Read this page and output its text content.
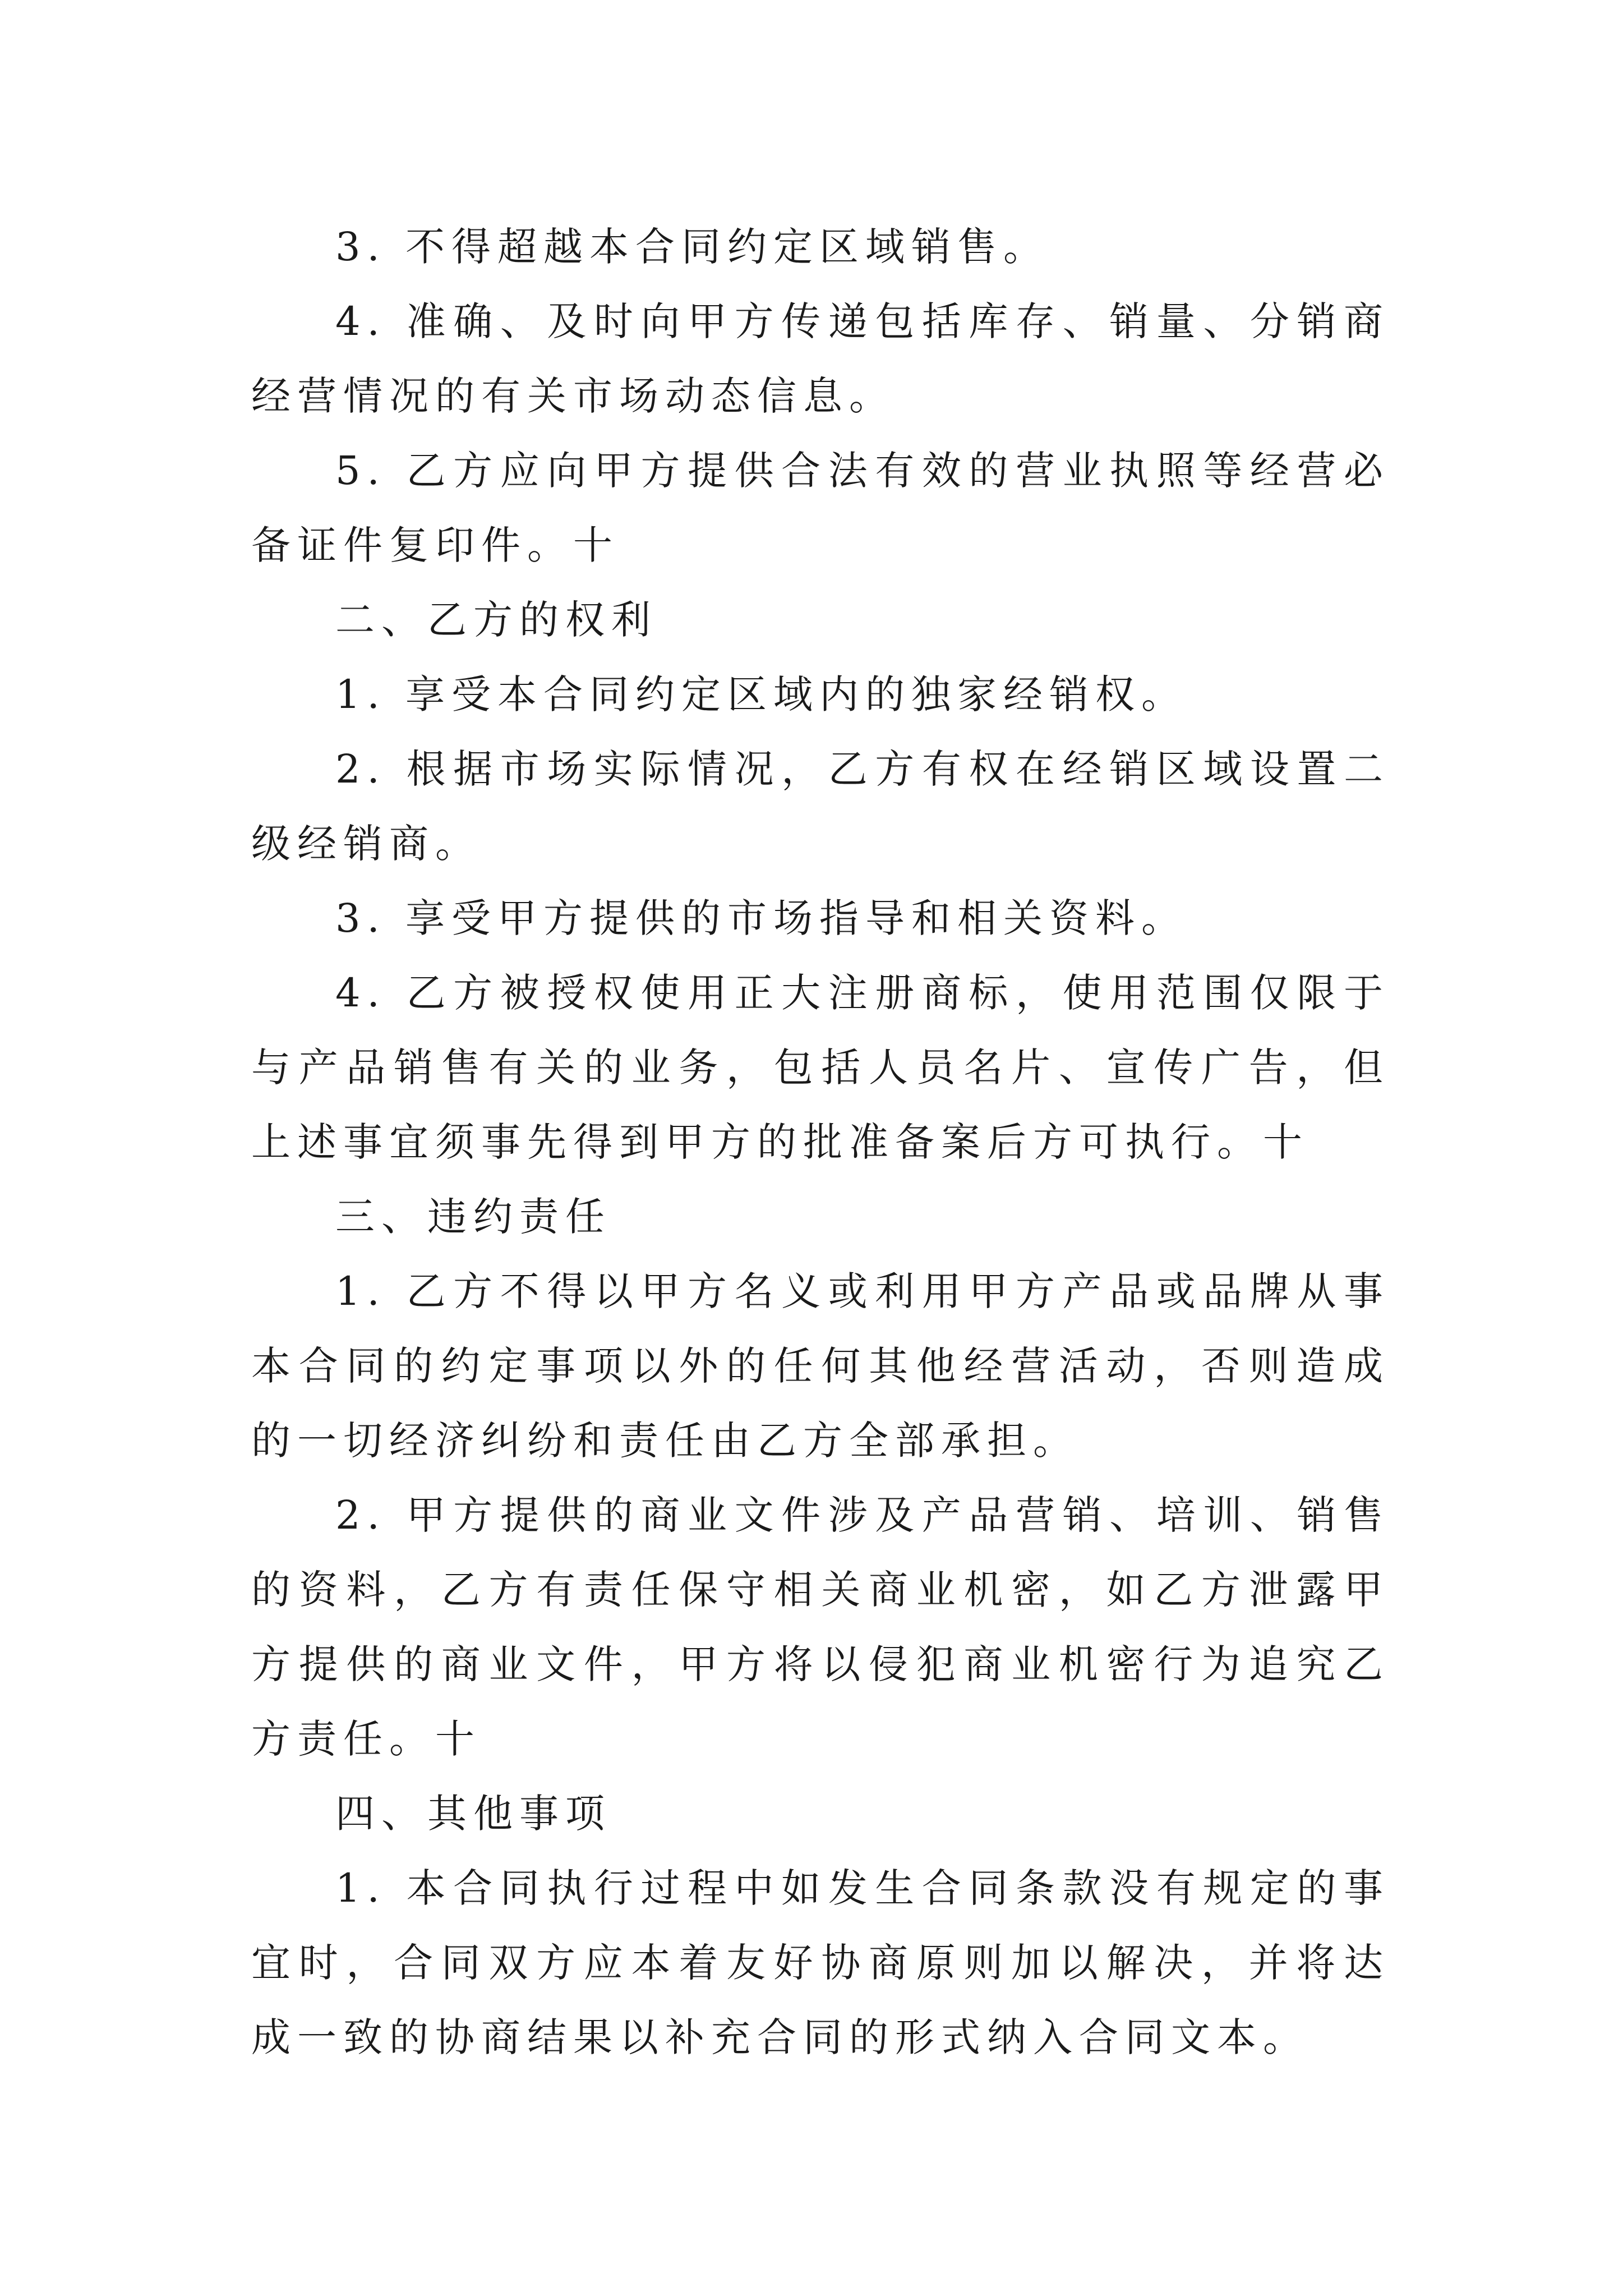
3. 不得超越本合同约定区域销售。

4. 准确、及时向甲方传递包括库存、销量、分销商经营情况的有关市场动态信息。

5. 乙方应向甲方提供合法有效的营业执照等经营必备证件复印件。十

二、乙方的权利

1. 享受本合同约定区域内的独家经销权。

2. 根据市场实际情况，乙方有权在经销区域设置二级经销商。

3. 享受甲方提供的市场指导和相关资料。

4. 乙方被授权使用正大注册商标，使用范围仅限于与产品销售有关的业务，包括人员名片、宣传广告，但上述事宜须事先得到甲方的批准备案后方可执行。十

三、违约责任

1. 乙方不得以甲方名义或利用甲方产品或品牌从事本合同的约定事项以外的任何其他经营活动，否则造成的一切经济纠纷和责任由乙方全部承担。

2. 甲方提供的商业文件涉及产品营销、培训、销售的资料，乙方有责任保守相关商业机密，如乙方泄露甲方提供的商业文件，甲方将以侵犯商业机密行为追究乙方责任。十

四、其他事项

1. 本合同执行过程中如发生合同条款没有规定的事宜时，合同双方应本着友好协商原则加以解决，并将达成一致的协商结果以补充合同的形式纳入合同文本。
